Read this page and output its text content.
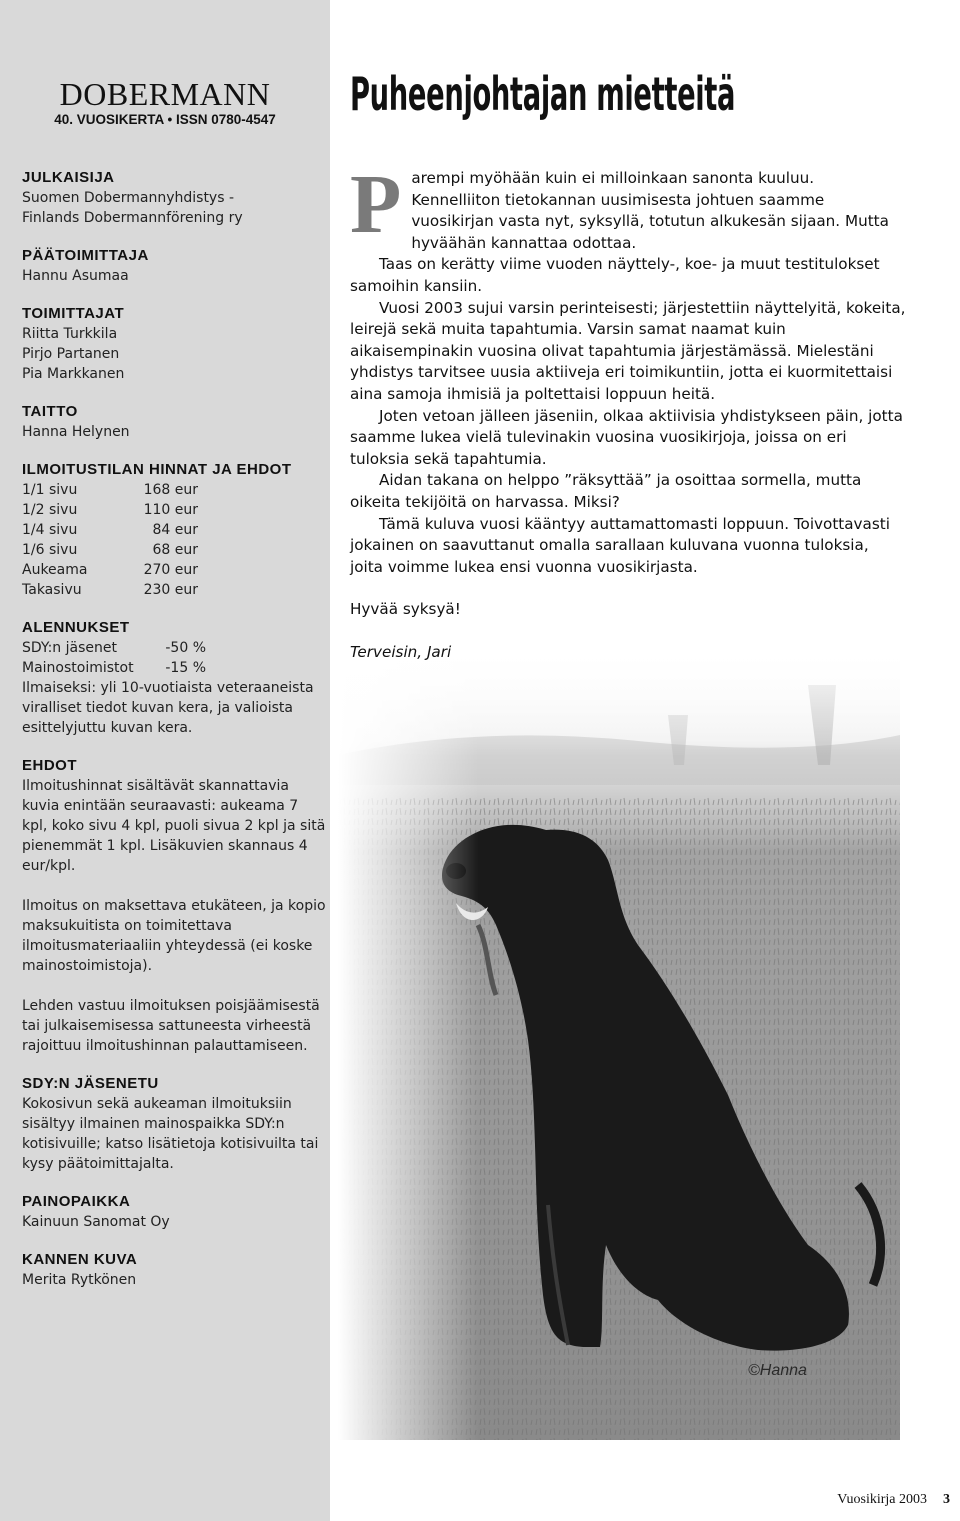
DOBERMANN
40. VUOSIKERTA • ISSN 0780-4547
JULKAISIJA
Suomen Dobermannyhdistys -
Finlands Dobermannförening ry
PÄÄTOIMITTAJA
Hannu Asumaa
TOIMITTAJAT
Riitta Turkkila
Pirjo Partanen
Pia Markkanen
TAITTO
Hanna Helynen
ILMOITUSTILAN HINNAT JA EHDOT
1/1 sivu	168 eur
1/2 sivu	110 eur
1/4 sivu	84 eur
1/6 sivu	68 eur
Aukeama	270 eur
Takasivu	230 eur
ALENNUKSET
SDY:n jäsenet	-50 %
Mainostoimistot	-15 %
Ilmaiseksi: yli 10-vuotiaista veteraaneista viralliset tiedot kuvan kera, ja valioista esittelyjuttu kuvan kera.
EHDOT
Ilmoitushinnat sisältävät skannattavia kuvia enintään seuraavasti: aukeama 7 kpl, koko sivu 4 kpl, puoli sivua 2 kpl ja sitä pienemmät 1 kpl. Lisäkuvien skannaus 4 eur/kpl.
Ilmoitus on maksettava etukäteen, ja kopio maksukuitista on toimitettava ilmoitusmateriaaliin yhteydessä (ei koske mainostoimistoja).
Lehden vastuu ilmoituksen poisjäämisestä tai julkaisemisessa sattuneesta virheestä rajoittuu ilmoitushinnan palauttamiseen.
SDY:N JÄSENETU
Kokosivun sekä aukeaman ilmoituksiin sisältyy ilmainen mainospaikka SDY:n kotisivuille; katso lisätietoja kotisivuilta tai kysy päätoimittajalta.
PAINOPAIKKA
Kainuun Sanomat Oy
KANNEN KUVA
Merita Rytkönen
Puheenjohtajan mietteitä
©Hanna

Parempi myöhään kuin ei milloinkaan sanonta kuuluu. Kennelliiton tietokannan uusimisesta johtuen saamme vuosikirjan vasta nyt, syksyllä, totutun alkukesän sijaan. Mutta hyväähän kannattaa odottaa.

Taas on kerätty viime vuoden näyttely-, koe- ja muut testitulokset samoihin kansiin.

Vuosi 2003 sujui varsin perinteisesti; järjestettiin näyttelyitä, kokeita, leirejä sekä muita tapahtumia. Varsin samat naamat kuin aikaisempinakin vuosina olivat tapahtumia järjestämässä. Mielestäni yhdistys tarvitsee uusia aktiiveja eri toimikuntiin, jotta ei kuormitettaisi aina samoja ihmisiä ja poltettaisi loppuun heitä.

Joten vetoan jälleen jäseniin, olkaa aktiivisia yhdistykseen päin, jotta saamme lukea vielä tulevinakin vuosina vuosikirjoja, joissa on eri tuloksia sekä tapahtumia.

Aidan takana on helppo ”räksyttää” ja osoittaa sormella, mutta oikeita tekijöitä on harvassa. Miksi?

Tämä kuluva vuosi kääntyy auttamattomasti loppuun. Toivottavasti jokainen on saavuttanut omalla sarallaan kuluvana vuonna tuloksia, joita voimme lukea ensi vuonna vuosikirjasta.

Hyvää syksyä!

Terveisin, Jari

Vuosikirja 2003 3
